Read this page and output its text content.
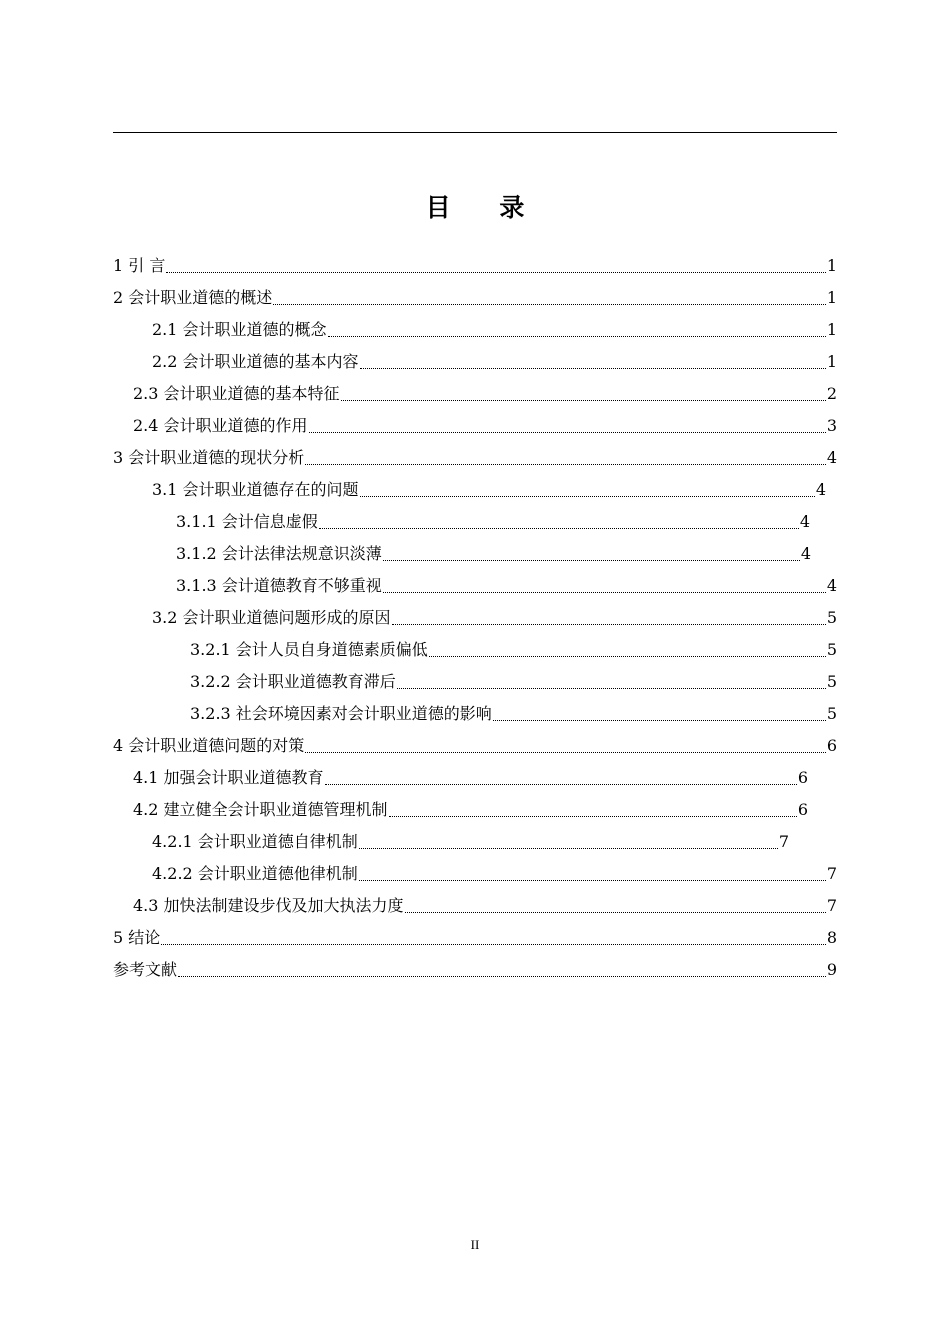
目 录
1 引 言	1
2 会计职业道德的概述	1
2.1 会计职业道德的概念	1
2.2 会计职业道德的基本内容	1
2.3 会计职业道德的基本特征	2
2.4 会计职业道德的作用	3
3 会计职业道德的现状分析	4
3.1 会计职业道德存在的问题	4
3.1.1 会计信息虚假	4
3.1.2 会计法律法规意识淡薄	4
3.1.3 会计道德教育不够重视	4
3.2 会计职业道德问题形成的原因	5
3.2.1 会计人员自身道德素质偏低	5
3.2.2 会计职业道德教育滞后	5
3.2.3 社会环境因素对会计职业道德的影响	5
4 会计职业道德问题的对策	6
4.1 加强会计职业道德教育	6
4.2 建立健全会计职业道德管理机制	6
4.2.1 会计职业道德自律机制	7
4.2.2 会计职业道德他律机制	7
4.3 加快法制建设步伐及加大执法力度	7
5 结论	8
参考文献	9
II
